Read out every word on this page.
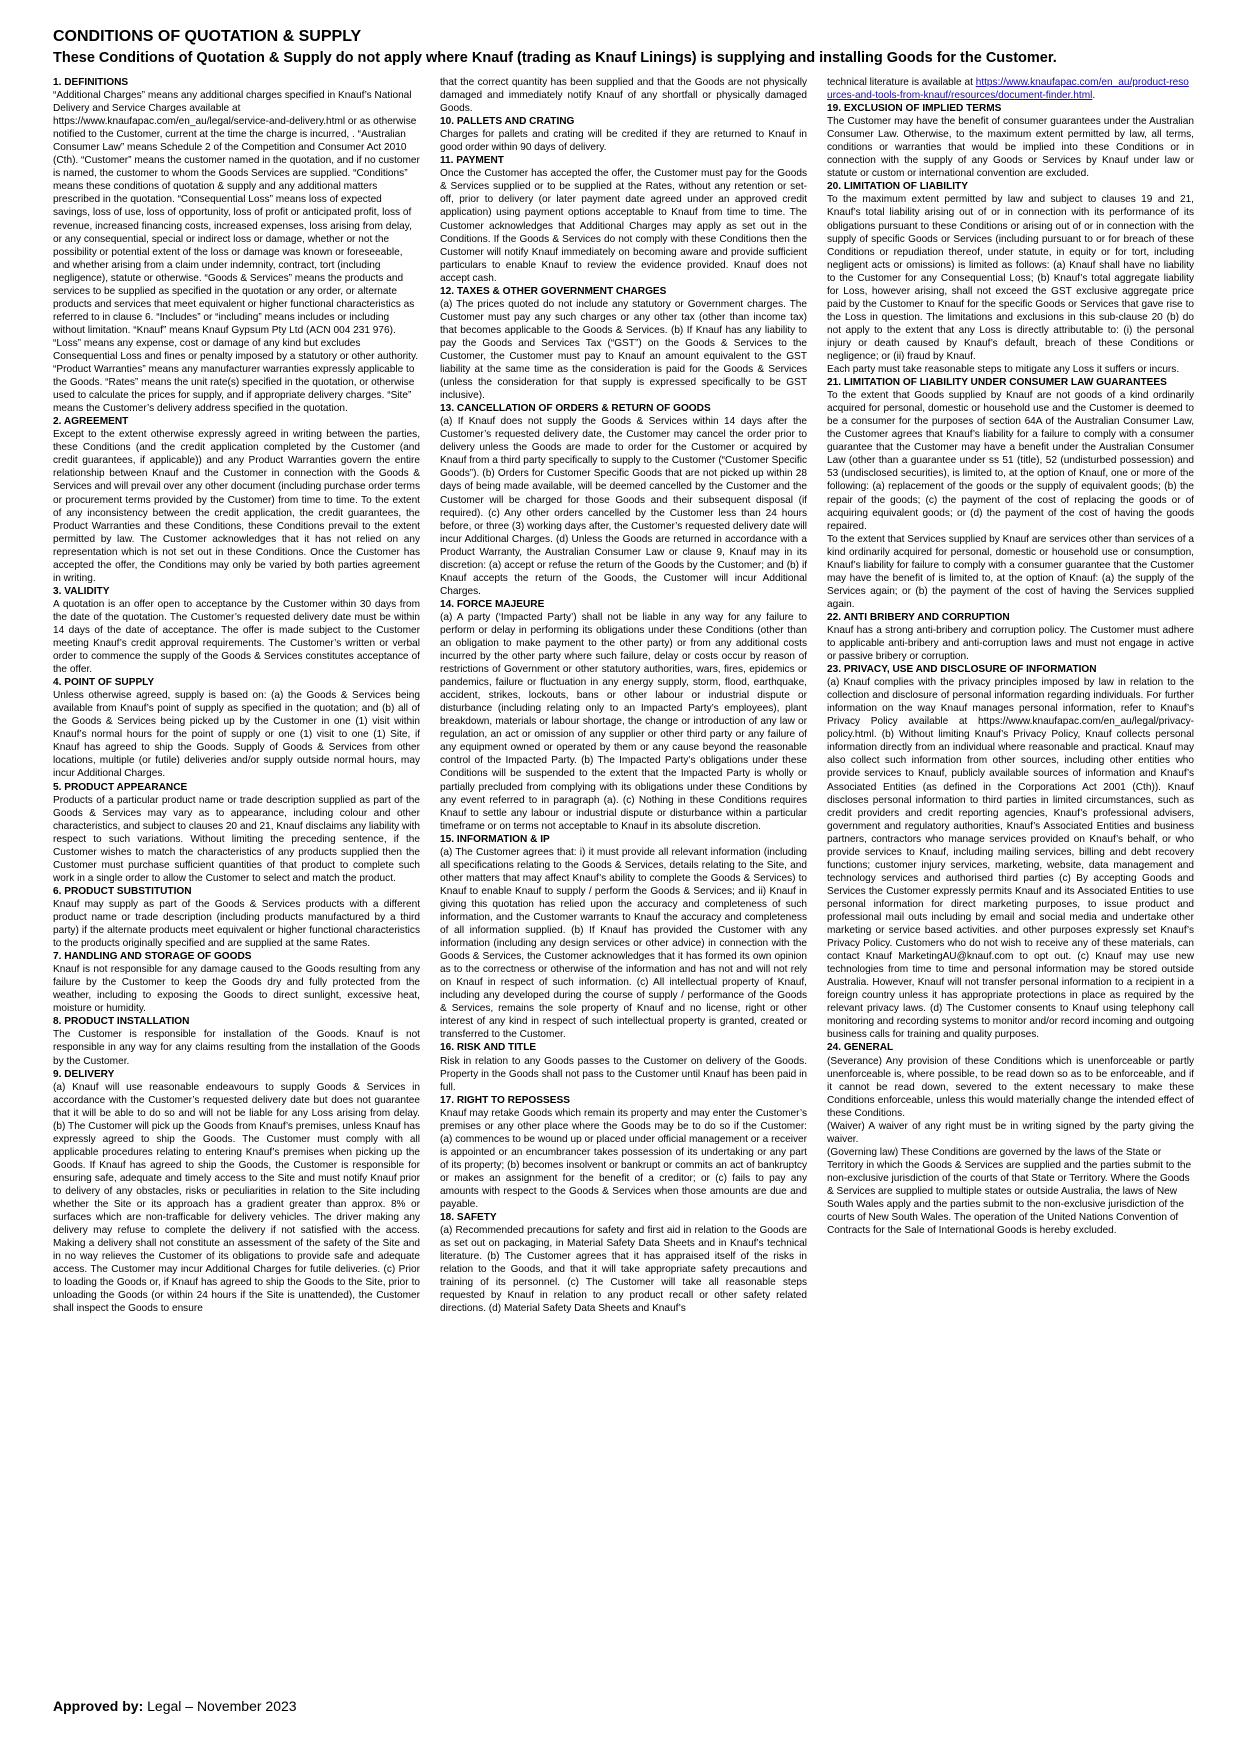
CONDITIONS OF QUOTATION & SUPPLY
These Conditions of Quotation & Supply do not apply where Knauf (trading as Knauf Linings) is supplying and installing Goods for the Customer.

1. DEFINITIONS

“Additional Charges” means any additional charges specified in Knauf’s National Delivery and Service Charges available at https://www.knaufapac.com/en_au/legal/service-and-delivery.html or as otherwise notified to the Customer, current at the time the charge is incurred, . “Australian Consumer Law” means Schedule 2 of the Competition and Consumer Act 2010 (Cth). “Customer” means the customer named in the quotation, and if no customer is named, the customer to whom the Goods Services are supplied. “Conditions” means these conditions of quotation & supply and any additional matters prescribed in the quotation. “Consequential Loss” means loss of expected savings, loss of use, loss of opportunity, loss of profit or anticipated profit, loss of revenue, increased financing costs, increased expenses, loss arising from delay, or any consequential, special or indirect loss or damage, whether or not the possibility or potential extent of the loss or damage was known or foreseeable, and whether arising from a claim under indemnity, contract, tort (including negligence), statute or otherwise. “Goods & Services” means the products and services to be supplied as specified in the quotation or any order, or alternate products and services that meet equivalent or higher functional characteristics as referred to in clause 6. “Includes” or “including” means includes or including without limitation. “Knauf” means Knauf Gypsum Pty Ltd (ACN 004 231 976). “Loss” means any expense, cost or damage of any kind but excludes Consequential Loss and fines or penalty imposed by a statutory or other authority. “Product Warranties” means any manufacturer warranties expressly applicable to the Goods. “Rates” means the unit rate(s) specified in the quotation, or otherwise used to calculate the prices for supply, and if appropriate delivery charges. “Site” means the Customer’s delivery address specified in the quotation.

2. AGREEMENT

Except to the extent otherwise expressly agreed in writing between the parties, these Conditions (and the credit application completed by the Customer (and credit guarantees, if applicable)) and any Product Warranties govern the entire relationship between Knauf and the Customer in connection with the Goods & Services and will prevail over any other document (including purchase order terms or procurement terms provided by the Customer) from time to time. To the extent of any inconsistency between the credit application, the credit guarantees, the Product Warranties and these Conditions, these Conditions prevail to the extent permitted by law. The Customer acknowledges that it has not relied on any representation which is not set out in these Conditions. Once the Customer has accepted the offer, the Conditions may only be varied by both parties agreement in writing.

3. VALIDITY

A quotation is an offer open to acceptance by the Customer within 30 days from the date of the quotation. The Customer’s requested delivery date must be within 14 days of the date of acceptance. The offer is made subject to the Customer meeting Knauf’s credit approval requirements. The Customer’s written or verbal order to commence the supply of the Goods & Services constitutes acceptance of the offer.

4. POINT OF SUPPLY

Unless otherwise agreed, supply is based on: (a) the Goods & Services being available from Knauf’s point of supply as specified in the quotation; and (b) all of the Goods & Services being picked up by the Customer in one (1) visit within Knauf’s normal hours for the point of supply or one (1) visit to one (1) Site, if Knauf has agreed to ship the Goods. Supply of Goods & Services from other locations, multiple (or futile) deliveries and/or supply outside normal hours, may incur Additional Charges.

5. PRODUCT APPEARANCE

Products of a particular product name or trade description supplied as part of the Goods & Services may vary as to appearance, including colour and other characteristics, and subject to clauses 20 and 21, Knauf disclaims any liability with respect to such variations. Without limiting the preceding sentence, if the Customer wishes to match the characteristics of any products supplied then the Customer must purchase sufficient quantities of that product to complete such work in a single order to allow the Customer to select and match the product.

6. PRODUCT SUBSTITUTION

Knauf may supply as part of the Goods & Services products with a different product name or trade description (including products manufactured by a third party) if the alternate products meet equivalent or higher functional characteristics to the products originally specified and are supplied at the same Rates.

7. HANDLING AND STORAGE OF GOODS

Knauf is not responsible for any damage caused to the Goods resulting from any failure by the Customer to keep the Goods dry and fully protected from the weather, including to exposing the Goods to direct sunlight, excessive heat, moisture or humidity.

8. PRODUCT INSTALLATION

The Customer is responsible for installation of the Goods. Knauf is not responsible in any way for any claims resulting from the installation of the Goods by the Customer.

9. DELIVERY

(a) Knauf will use reasonable endeavours to supply Goods & Services in accordance with the Customer’s requested delivery date but does not guarantee that it will be able to do so and will not be liable for any Loss arising from delay. (b) The Customer will pick up the Goods from Knauf’s premises, unless Knauf has expressly agreed to ship the Goods. The Customer must comply with all applicable procedures relating to entering Knauf’s premises when picking up the Goods. If Knauf has agreed to ship the Goods, the Customer is responsible for ensuring safe, adequate and timely access to the Site and must notify Knauf prior to delivery of any obstacles, risks or peculiarities in relation to the Site including whether the Site or its approach has a gradient greater than approx. 8% or surfaces which are non-trafficable for delivery vehicles. The driver making any delivery may refuse to complete the delivery if not satisfied with the access. Making a delivery shall not constitute an assessment of the safety of the Site and in no way relieves the Customer of its obligations to provide safe and adequate access. The Customer may incur Additional Charges for futile deliveries. (c) Prior to loading the Goods or, if Knauf has agreed to ship the Goods to the Site, prior to unloading the Goods (or within 24 hours if the Site is unattended), the Customer shall inspect the Goods to ensure

that the correct quantity has been supplied and that the Goods are not physically damaged and immediately notify Knauf of any shortfall or physically damaged Goods.

10. PALLETS AND CRATING

Charges for pallets and crating will be credited if they are returned to Knauf in good order within 90 days of delivery.

11. PAYMENT

Once the Customer has accepted the offer, the Customer must pay for the Goods & Services supplied or to be supplied at the Rates, without any retention or set-off, prior to delivery (or later payment date agreed under an approved credit application) using payment options acceptable to Knauf from time to time. The Customer acknowledges that Additional Charges may apply as set out in the Conditions. If the Goods & Services do not comply with these Conditions then the Customer will notify Knauf immediately on becoming aware and provide sufficient particulars to enable Knauf to review the evidence provided. Knauf does not accept cash.

12. TAXES & OTHER GOVERNMENT CHARGES

(a) The prices quoted do not include any statutory or Government charges. The Customer must pay any such charges or any other tax (other than income tax) that becomes applicable to the Goods & Services. (b) If Knauf has any liability to pay the Goods and Services Tax (“GST”) on the Goods & Services to the Customer, the Customer must pay to Knauf an amount equivalent to the GST liability at the same time as the consideration is paid for the Goods & Services (unless the consideration for that supply is expressed specifically to be GST inclusive).

13. CANCELLATION OF ORDERS & RETURN OF GOODS

(a) If Knauf does not supply the Goods & Services within 14 days after the Customer’s requested delivery date, the Customer may cancel the order prior to delivery unless the Goods are made to order for the Customer or acquired by Knauf from a third party specifically to supply to the Customer (“Customer Specific Goods”). (b) Orders for Customer Specific Goods that are not picked up within 28 days of being made available, will be deemed cancelled by the Customer and the Customer will be charged for those Goods and their subsequent disposal (if required). (c) Any other orders cancelled by the Customer less than 24 hours before, or three (3) working days after, the Customer’s requested delivery date will incur Additional Charges. (d) Unless the Goods are returned in accordance with a Product Warranty, the Australian Consumer Law or clause 9, Knauf may in its discretion: (a) accept or refuse the return of the Goods by the Customer; and (b) if Knauf accepts the return of the Goods, the Customer will incur Additional Charges.

14. FORCE MAJEURE

(a) A party (‘Impacted Party’) shall not be liable in any way for any failure to perform or delay in performing its obligations under these Conditions (other than an obligation to make payment to the other party) or from any additional costs incurred by the other party where such failure, delay or costs occur by reason of restrictions of Government or other statutory authorities, wars, fires, epidemics or pandemics, failure or fluctuation in any energy supply, storm, flood, earthquake, accident, strikes, lockouts, bans or other labour or industrial dispute or disturbance (including relating only to an Impacted Party’s employees), plant breakdown, materials or labour shortage, the change or introduction of any law or regulation, an act or omission of any supplier or other third party or any failure of any equipment owned or operated by them or any cause beyond the reasonable control of the Impacted Party. (b) The Impacted Party’s obligations under these Conditions will be suspended to the extent that the Impacted Party is wholly or partially precluded from complying with its obligations under these Conditions by any event referred to in paragraph (a). (c) Nothing in these Conditions requires Knauf to settle any labour or industrial dispute or disturbance within a particular timeframe or on terms not acceptable to Knauf in its absolute discretion.

15. INFORMATION & IP

(a) The Customer agrees that: i) it must provide all relevant information (including all specifications relating to the Goods & Services, details relating to the Site, and other matters that may affect Knauf’s ability to complete the Goods & Services) to Knauf to enable Knauf to supply / perform the Goods & Services; and ii) Knauf in giving this quotation has relied upon the accuracy and completeness of such information, and the Customer warrants to Knauf the accuracy and completeness of all information supplied. (b) If Knauf has provided the Customer with any information (including any design services or other advice) in connection with the Goods & Services, the Customer acknowledges that it has formed its own opinion as to the correctness or otherwise of the information and has not and will not rely on Knauf in respect of such information. (c) All intellectual property of Knauf, including any developed during the course of supply / performance of the Goods & Services, remains the sole property of Knauf and no license, right or other interest of any kind in respect of such intellectual property is granted, created or transferred to the Customer.

16. RISK AND TITLE

Risk in relation to any Goods passes to the Customer on delivery of the Goods. Property in the Goods shall not pass to the Customer until Knauf has been paid in full.

17. RIGHT TO REPOSSESS

Knauf may retake Goods which remain its property and may enter the Customer’s premises or any other place where the Goods may be to do so if the Customer: (a) commences to be wound up or placed under official management or a receiver is appointed or an encumbrancer takes possession of its undertaking or any part of its property; (b) becomes insolvent or bankrupt or commits an act of bankruptcy or makes an assignment for the benefit of a creditor; or (c) fails to pay any amounts with respect to the Goods & Services when those amounts are due and payable.

18. SAFETY

(a) Recommended precautions for safety and first aid in relation to the Goods are as set out on packaging, in Material Safety Data Sheets and in Knauf’s technical literature. (b) The Customer agrees that it has appraised itself of the risks in relation to the Goods, and that it will take appropriate safety precautions and training of its personnel. (c) The Customer will take all reasonable steps requested by Knauf in relation to any product recall or other safety related directions. (d) Material Safety Data Sheets and Knauf’s

technical literature is available at https://www.knaufapac.com/en_au/product-resources-and-tools-from-knauf/resources/document-finder.html.

19. EXCLUSION OF IMPLIED TERMS

The Customer may have the benefit of consumer guarantees under the Australian Consumer Law. Otherwise, to the maximum extent permitted by law, all terms, conditions or warranties that would be implied into these Conditions or in connection with the supply of any Goods or Services by Knauf under law or statute or custom or international convention are excluded.

20. LIMITATION OF LIABILITY

To the maximum extent permitted by law and subject to clauses 19 and 21, Knauf’s total liability arising out of or in connection with its performance of its obligations pursuant to these Conditions or arising out of or in connection with the supply of specific Goods or Services (including pursuant to or for breach of these Conditions or repudiation thereof, under statute, in equity or for tort, including negligent acts or omissions) is limited as follows: (a) Knauf shall have no liability to the Customer for any Consequential Loss; (b) Knauf’s total aggregate liability for Loss, however arising, shall not exceed the GST exclusive aggregate price paid by the Customer to Knauf for the specific Goods or Services that gave rise to the Loss in question. The limitations and exclusions in this sub-clause 20 (b) do not apply to the extent that any Loss is directly attributable to: (i) the personal injury or death caused by Knauf’s default, breach of these Conditions or negligence; or (ii) fraud by Knauf.

Each party must take reasonable steps to mitigate any Loss it suffers or incurs.

21. LIMITATION OF LIABILITY UNDER CONSUMER LAW GUARANTEES

To the extent that Goods supplied by Knauf are not goods of a kind ordinarily acquired for personal, domestic or household use and the Customer is deemed to be a consumer for the purposes of section 64A of the Australian Consumer Law, the Customer agrees that Knauf’s liability for a failure to comply with a consumer guarantee that the Customer may have a benefit under the Australian Consumer Law (other than a guarantee under ss 51 (title), 52 (undisturbed possession) and 53 (undisclosed securities), is limited to, at the option of Knauf, one or more of the following: (a) replacement of the goods or the supply of equivalent goods; (b) the repair of the goods; (c) the payment of the cost of replacing the goods or of acquiring equivalent goods; or (d) the payment of the cost of having the goods repaired.

To the extent that Services supplied by Knauf are services other than services of a kind ordinarily acquired for personal, domestic or household use or consumption, Knauf’s liability for failure to comply with a consumer guarantee that the Customer may have the benefit of is limited to, at the option of Knauf: (a) the supply of the Services again; or (b) the payment of the cost of having the Services supplied again.

22. ANTI BRIBERY AND CORRUPTION

Knauf has a strong anti-bribery and corruption policy. The Customer must adhere to applicable anti-bribery and anti-corruption laws and must not engage in active or passive bribery or corruption.

23. PRIVACY, USE AND DISCLOSURE OF INFORMATION

(a) Knauf complies with the privacy principles imposed by law in relation to the collection and disclosure of personal information regarding individuals. For further information on the way Knauf manages personal information, refer to Knauf’s Privacy Policy available at https://www.knaufapac.com/en_au/legal/privacy-policy.html. (b) Without limiting Knauf’s Privacy Policy, Knauf collects personal information directly from an individual where reasonable and practical. Knauf may also collect such information from other sources, including other entities who provide services to Knauf, publicly available sources of information and Knauf’s Associated Entities (as defined in the Corporations Act 2001 (Cth)). Knauf discloses personal information to third parties in limited circumstances, such as credit providers and credit reporting agencies, Knauf’s professional advisers, government and regulatory authorities, Knauf’s Associated Entities and business partners, contractors who manage services provided on Knauf’s behalf, or who provide services to Knauf, including mailing services, billing and debt recovery functions; customer injury services, marketing, website, data management and technology services and authorised third parties (c) By accepting Goods and Services the Customer expressly permits Knauf and its Associated Entities to use personal information for direct marketing purposes, to issue product and professional mail outs including by email and social media and undertake other marketing or service based activities. and other purposes expressly set Knauf’s Privacy Policy. Customers who do not wish to receive any of these materials, can contact Knauf MarketingAU@knauf.com to opt out. (c) Knauf may use new technologies from time to time and personal information may be stored outside Australia. However, Knauf will not transfer personal information to a recipient in a foreign country unless it has appropriate protections in place as required by the relevant privacy laws. (d) The Customer consents to Knauf using telephony call monitoring and recording systems to monitor and/or record incoming and outgoing business calls for training and quality purposes.

24. GENERAL

(Severance) Any provision of these Conditions which is unenforceable or partly unenforceable is, where possible, to be read down so as to be enforceable, and if it cannot be read down, severed to the extent necessary to make these Conditions enforceable, unless this would materially change the intended effect of these Conditions.

(Waiver) A waiver of any right must be in writing signed by the party giving the waiver.

(Governing law) These Conditions are governed by the laws of the State or Territory in which the Goods & Services are supplied and the parties submit to the non-exclusive jurisdiction of the courts of that State or Territory. Where the Goods & Services are supplied to multiple states or outside Australia, the laws of New South Wales apply and the parties submit to the non-exclusive jurisdiction of the courts of New South Wales. The operation of the United Nations Convention of Contracts for the Sale of International Goods is hereby excluded.

Approved by: Legal – November 2023
